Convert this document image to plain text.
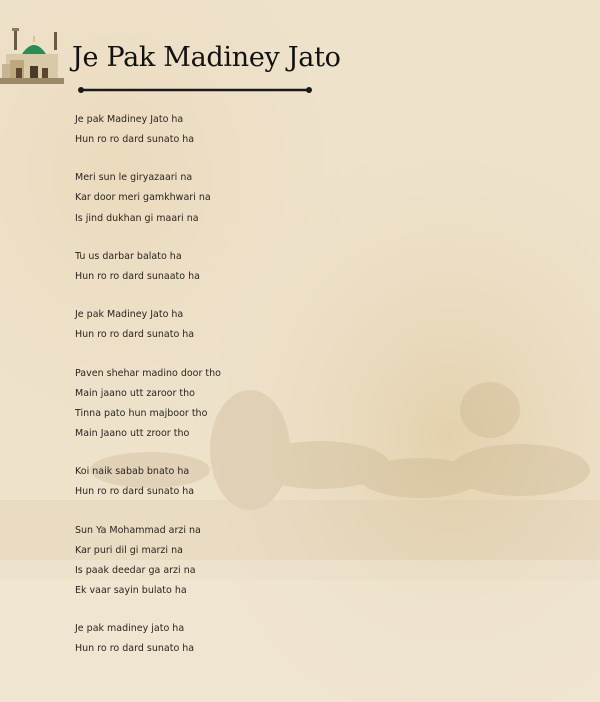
Je Pak Madiney Jato
Je pak Madiney Jato ha
Hun ro ro dard sunato ha
Meri sun le giryazaari na
Kar door meri gamkhwari na
Is jind dukhan gi maari na
Tu us darbar balato ha
Hun ro ro dard sunaato ha
Je pak Madiney Jato ha
Hun ro ro dard sunato ha
Paven shehar madino door tho
Main jaano utt zaroor tho
Tinna pato hun majboor tho
Main Jaano utt zroor tho
Koi naik sabab bnato ha
Hun ro ro dard sunato ha
Sun Ya Mohammad arzi na
Kar puri dil gi marzi na
Is paak deedar ga arzi na
Ek vaar sayin bulato ha
Je pak madiney jato ha
Hun ro ro dard sunato ha
